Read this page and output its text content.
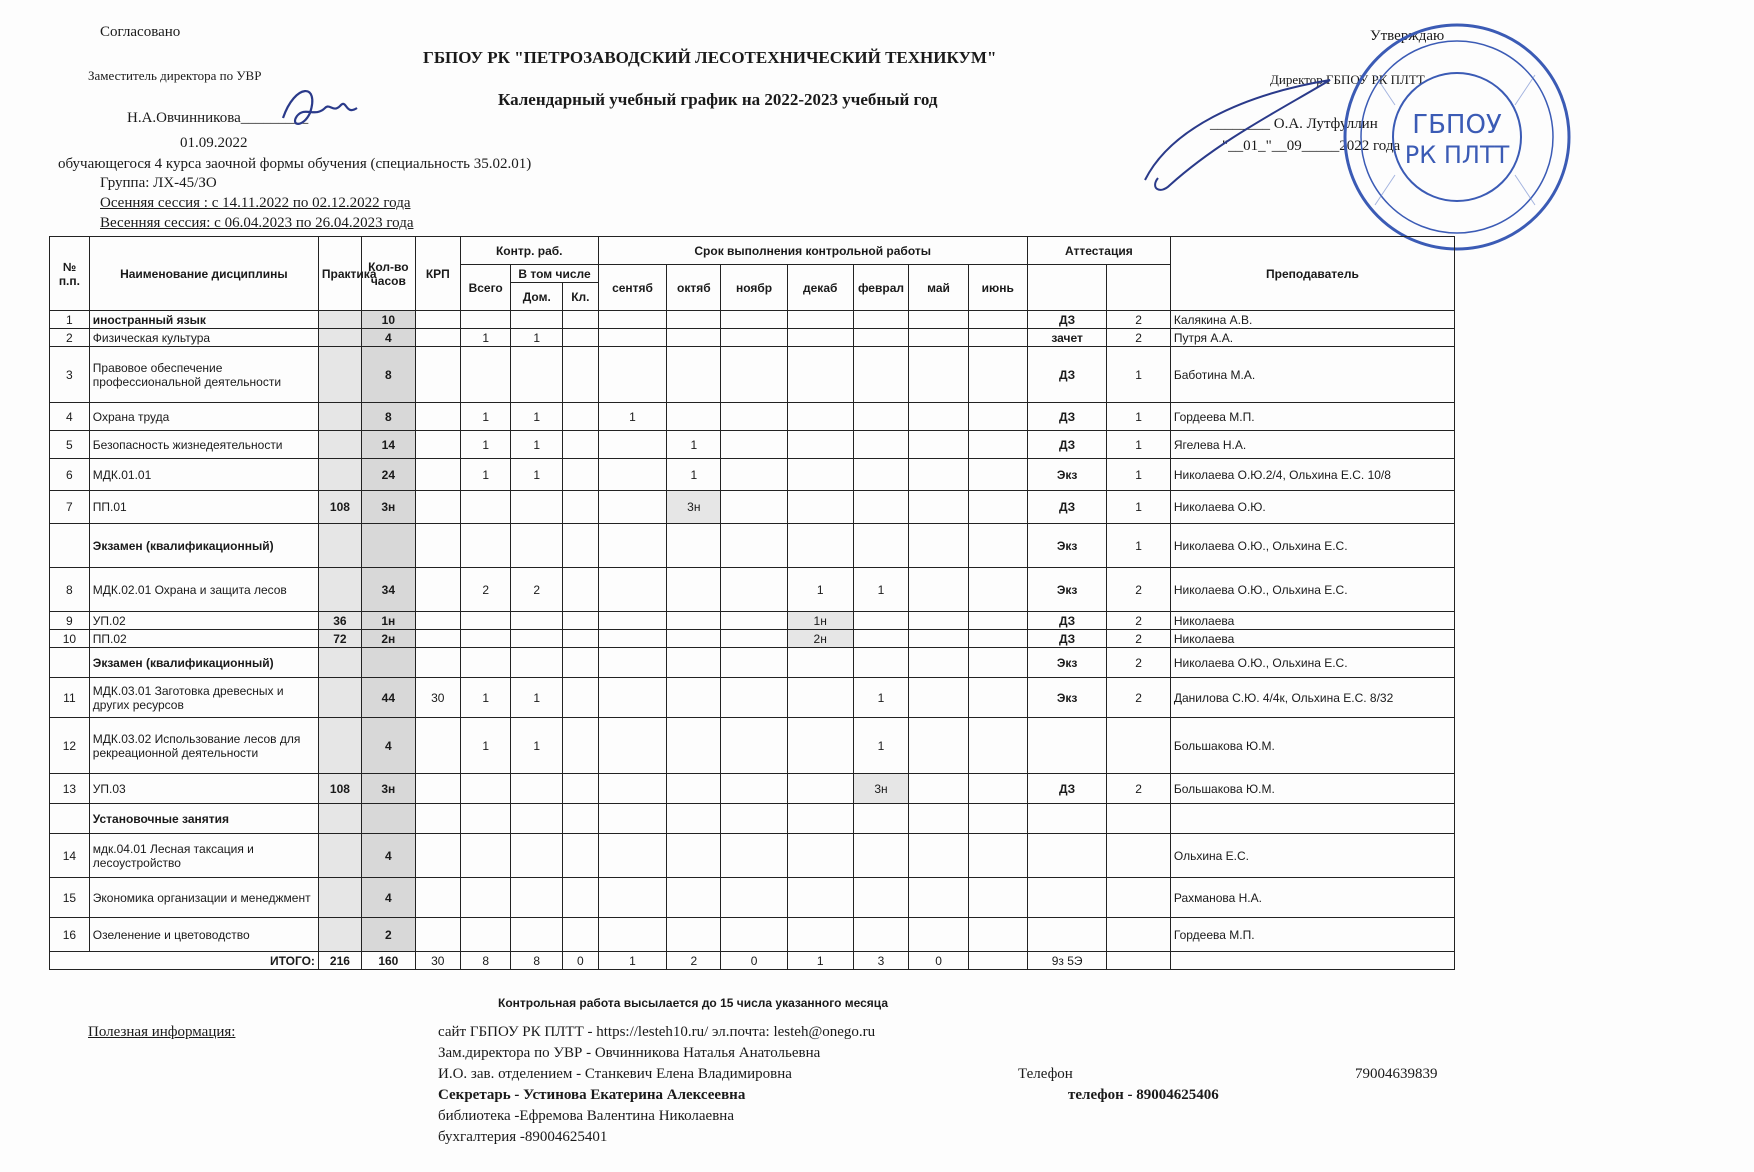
Согласовано
Заместитель директора по УВР
Н.А.Овчинникова_________
01.09.2022
ГБПОУ РК "ПЕТРОЗАВОДСКИЙ ЛЕСОТЕХНИЧЕСКИЙ ТЕХНИКУМ"
Календарный учебный график на 2022-2023 учебный год
обучающегося 4 курса заочной формы обучения (специальность 35.02.01)
Группа: ЛХ-45/ЗО
Осенняя сессия : с 14.11.2022 по 02.12.2022 года
Весенняя сессия: с 06.04.2023 по 26.04.2023 года
Утверждаю
Директор ГБПОУ РК ПЛТТ
________ О.А. Лутфуллин
"__01_"__09_____2022 года
ГБПОУ
РК ПЛТТ
№ п.п.	Наименование дисциплины	Практика	Кол-во часов	КРП	Контр. раб.			Срок выполнения контрольной работы							Аттестация		Преподаватель
					Всего	В том числе		сентяб	октяб	ноябр	декаб	феврал	май	июнь			
						Дом.	Кл.										
1	иностранный язык		10												ДЗ	2	Калякина А.В.
2	Физическая культура		4		1	1									зачет	2	Путря А.А.
3	Правовое обеспечение профессиональной деятельности		8												ДЗ	1	Баботина М.А.
4	Охрана труда		8		1	1		1							ДЗ	1	Гордеева М.П.
5	Безопасность жизнедеятельности		14		1	1			1						ДЗ	1	Ягелева Н.А.
6	МДК.01.01		24		1	1			1						Экз	1	Николаева О.Ю.2/4, Ольхина Е.С. 10/8
7	ПП.01	108	3н						3н						ДЗ	1	Николаева О.Ю.
	Экзамен (квалификационный)														Экз	1	Николаева О.Ю., Ольхина Е.С.
8	МДК.02.01 Охрана и защита лесов		34		2	2					1	1			Экз	2	Николаева О.Ю., Ольхина Е.С.
9	УП.02	36	1н								1н				ДЗ	2	Николаева
10	ПП.02	72	2н								2н				ДЗ	2	Николаева
	Экзамен (квалификационный)														Экз	2	Николаева О.Ю., Ольхина Е.С.
11	МДК.03.01 Заготовка древесных и других ресурсов		44	30	1	1						1			Экз	2	Данилова С.Ю. 4/4к, Ольхина Е.С. 8/32
12	МДК.03.02 Использование лесов для рекреационной деятельности		4		1	1						1					Большакова Ю.М.
13	УП.03	108	3н									3н			ДЗ	2	Большакова Ю.М.
	Установочные занятия																
14	мдк.04.01 Лесная таксация и лесоустройство		4														Ольхина Е.С.
15	Экономика организации и менеджмент		4														Рахманова Н.А.
16	Озеленение и цветоводство		2														Гордеева М.П.
ИТОГО:		216	160	30	8	8	0	1	2	0	1	3	0		9з 5Э		
Контрольная работа высылается до 15 числа указанного месяца
Полезная информация:	сайт ГБПОУ РК ПЛТТ - https://lesteh10.ru/ эл.почта: lesteh@onego.ru
Зам.директора по УВР - Овчинникова Наталья Анатольевна
И.О. зав. отделением - Станкевич Елена Владимировна	Телефон	79004639839
Секретарь - Устинова Екатерина Алексеевна	телефон - 89004625406
библиотека -Ефремова Валентина Николаевна
бухгалтерия -89004625401
